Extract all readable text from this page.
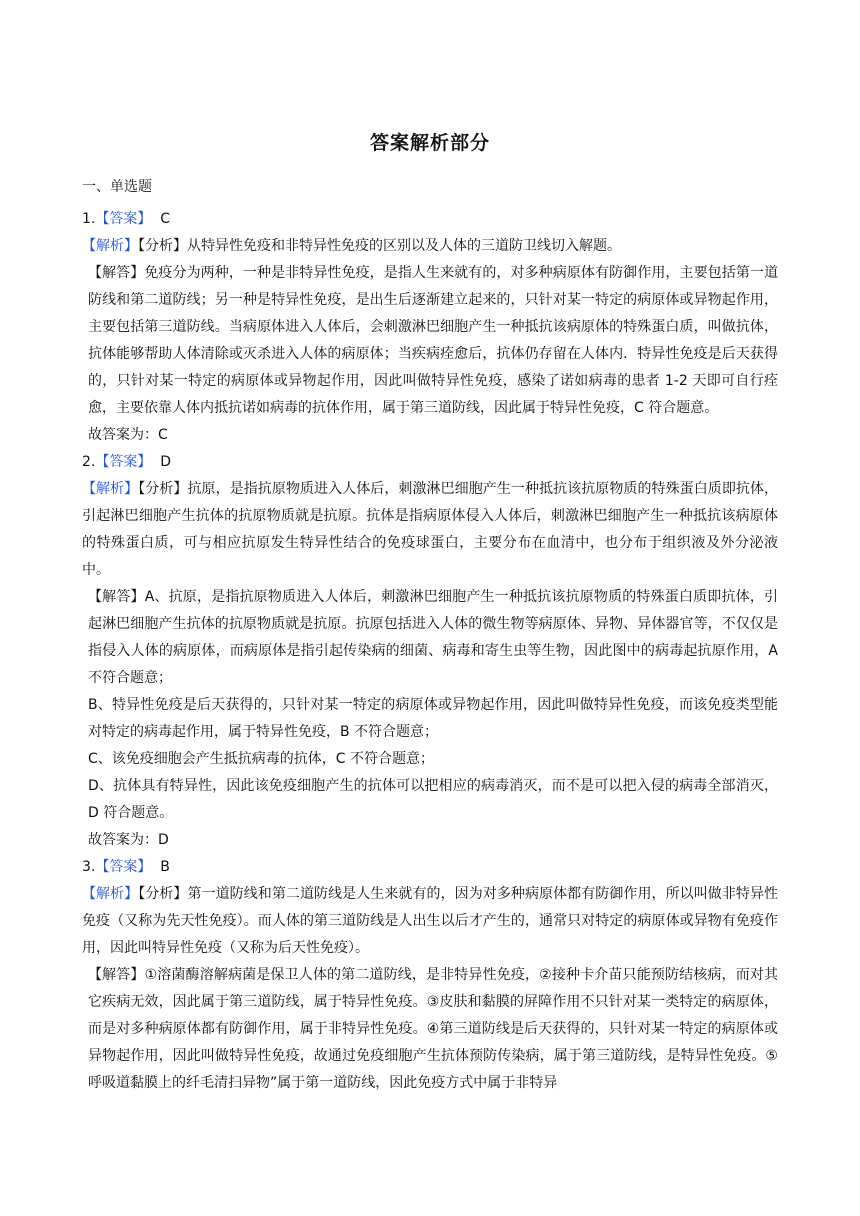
答案解析部分
一、单选题

1.【答案】 C

【解析】【分析】从特异性免疫和非特异性免疫的区别以及人体的三道防卫线切入解题。

【解答】免疫分为两种，一种是非特异性免疫，是指人生来就有的，对多种病原体有防御作用，主要包括第一道防线和第二道防线；另一种是特异性免疫，是出生后逐渐建立起来的，只针对某一特定的病原体或异物起作用，主要包括第三道防线。当病原体进入人体后，会刺激淋巴细胞产生一种抵抗该病原体的特殊蛋白质，叫做抗体，抗体能够帮助人体清除或灭杀进入人体的病原体；当疾病痊愈后，抗体仍存留在人体内．特异性免疫是后天获得的，只针对某一特定的病原体或异物起作用，因此叫做特异性免疫，感染了诺如病毒的患者 1-2 天即可自行痊愈，主要依靠人体内抵抗诺如病毒的抗体作用，属于第三道防线，因此属于特异性免疫，C 符合题意。

故答案为：C

2.【答案】 D

【解析】【分析】抗原，是指抗原物质进入人体后，刺激淋巴细胞产生一种抵抗该抗原物质的特殊蛋白质即抗体，引起淋巴细胞产生抗体的抗原物质就是抗原。抗体是指病原体侵入人体后，刺激淋巴细胞产生一种抵抗该病原体的特殊蛋白质，可与相应抗原发生特异性结合的免疫球蛋白，主要分布在血清中，也分布于组织液及外分泌液中。

【解答】A、抗原，是指抗原物质进入人体后，刺激淋巴细胞产生一种抵抗该抗原物质的特殊蛋白质即抗体，引起淋巴细胞产生抗体的抗原物质就是抗原。抗原包括进入人体的微生物等病原体、异物、异体器官等，不仅仅是指侵入人体的病原体，而病原体是指引起传染病的细菌、病毒和寄生虫等生物，因此图中的病毒起抗原作用，A 不符合题意；

B、特异性免疫是后天获得的，只针对某一特定的病原体或异物起作用，因此叫做特异性免疫，而该免疫类型能对特定的病毒起作用，属于特异性免疫，B 不符合题意；

C、该免疫细胞会产生抵抗病毒的抗体，C 不符合题意；

D、抗体具有特异性，因此该免疫细胞产生的抗体可以把相应的病毒消灭，而不是可以把入侵的病毒全部消灭，D 符合题意。

故答案为：D

3.【答案】 B

【解析】【分析】第一道防线和第二道防线是人生来就有的，因为对多种病原体都有防御作用，所以叫做非特异性免疫（又称为先天性免疫）。而人体的第三道防线是人出生以后才产生的，通常只对特定的病原体或异物有免疫作用，因此叫特异性免疫（又称为后天性免疫）。

【解答】①溶菌酶溶解病菌是保卫人体的第二道防线，是非特异性免疫，②接种卡介苗只能预防结核病，而对其它疾病无效，因此属于第三道防线，属于特异性免疫。③皮肤和黏膜的屏障作用不只针对某一类特定的病原体，而是对多种病原体都有防御作用，属于非特异性免疫。④第三道防线是后天获得的，只针对某一特定的病原体或异物起作用，因此叫做特异性免疫，故通过免疫细胞产生抗体预防传染病，属于第三道防线，是特异性免疫。⑤呼吸道黏膜上的纤毛清扫异物”属于第一道防线，因此免疫方式中属于非特异
